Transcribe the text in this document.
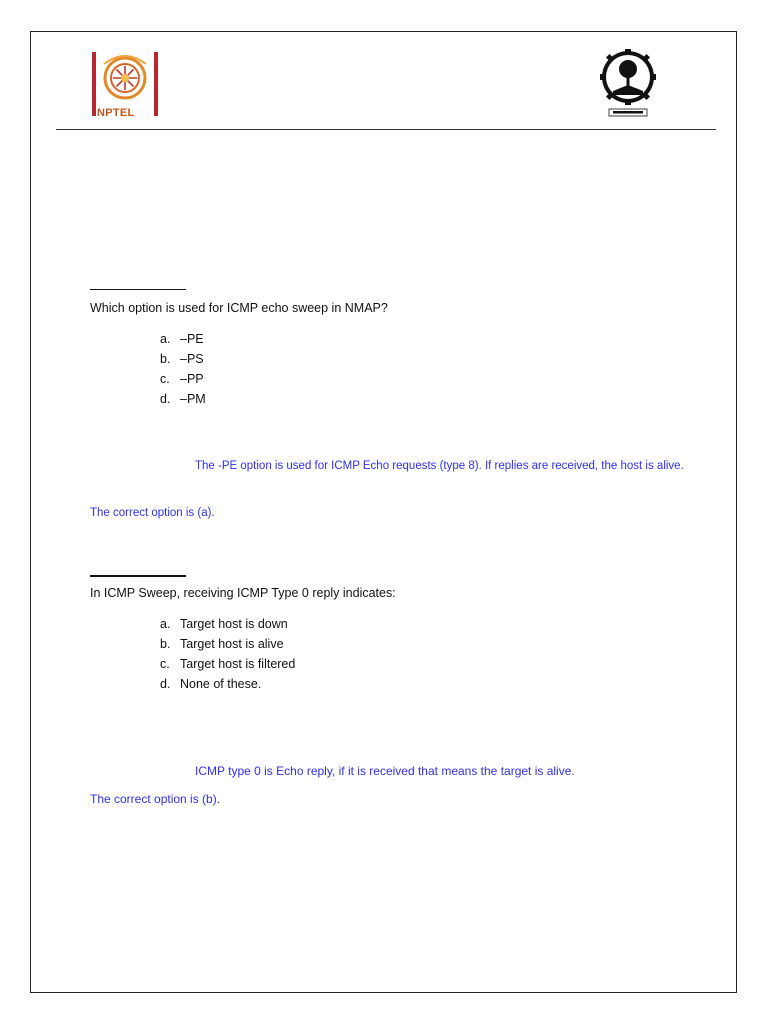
NPTEL
Which option is used for ICMP echo sweep in NMAP?
a. –PE
b. –PS
c. –PP
d. –PM
The -PE option is used for ICMP Echo requests (type 8). If replies are received, the host is alive.
The correct option is (a).
In ICMP Sweep, receiving ICMP Type 0 reply indicates:
a. Target host is down
b. Target host is alive
c. Target host is filtered
d. None of these.
ICMP type 0 is Echo reply, if it is received that means the target is alive.
The correct option is (b).
